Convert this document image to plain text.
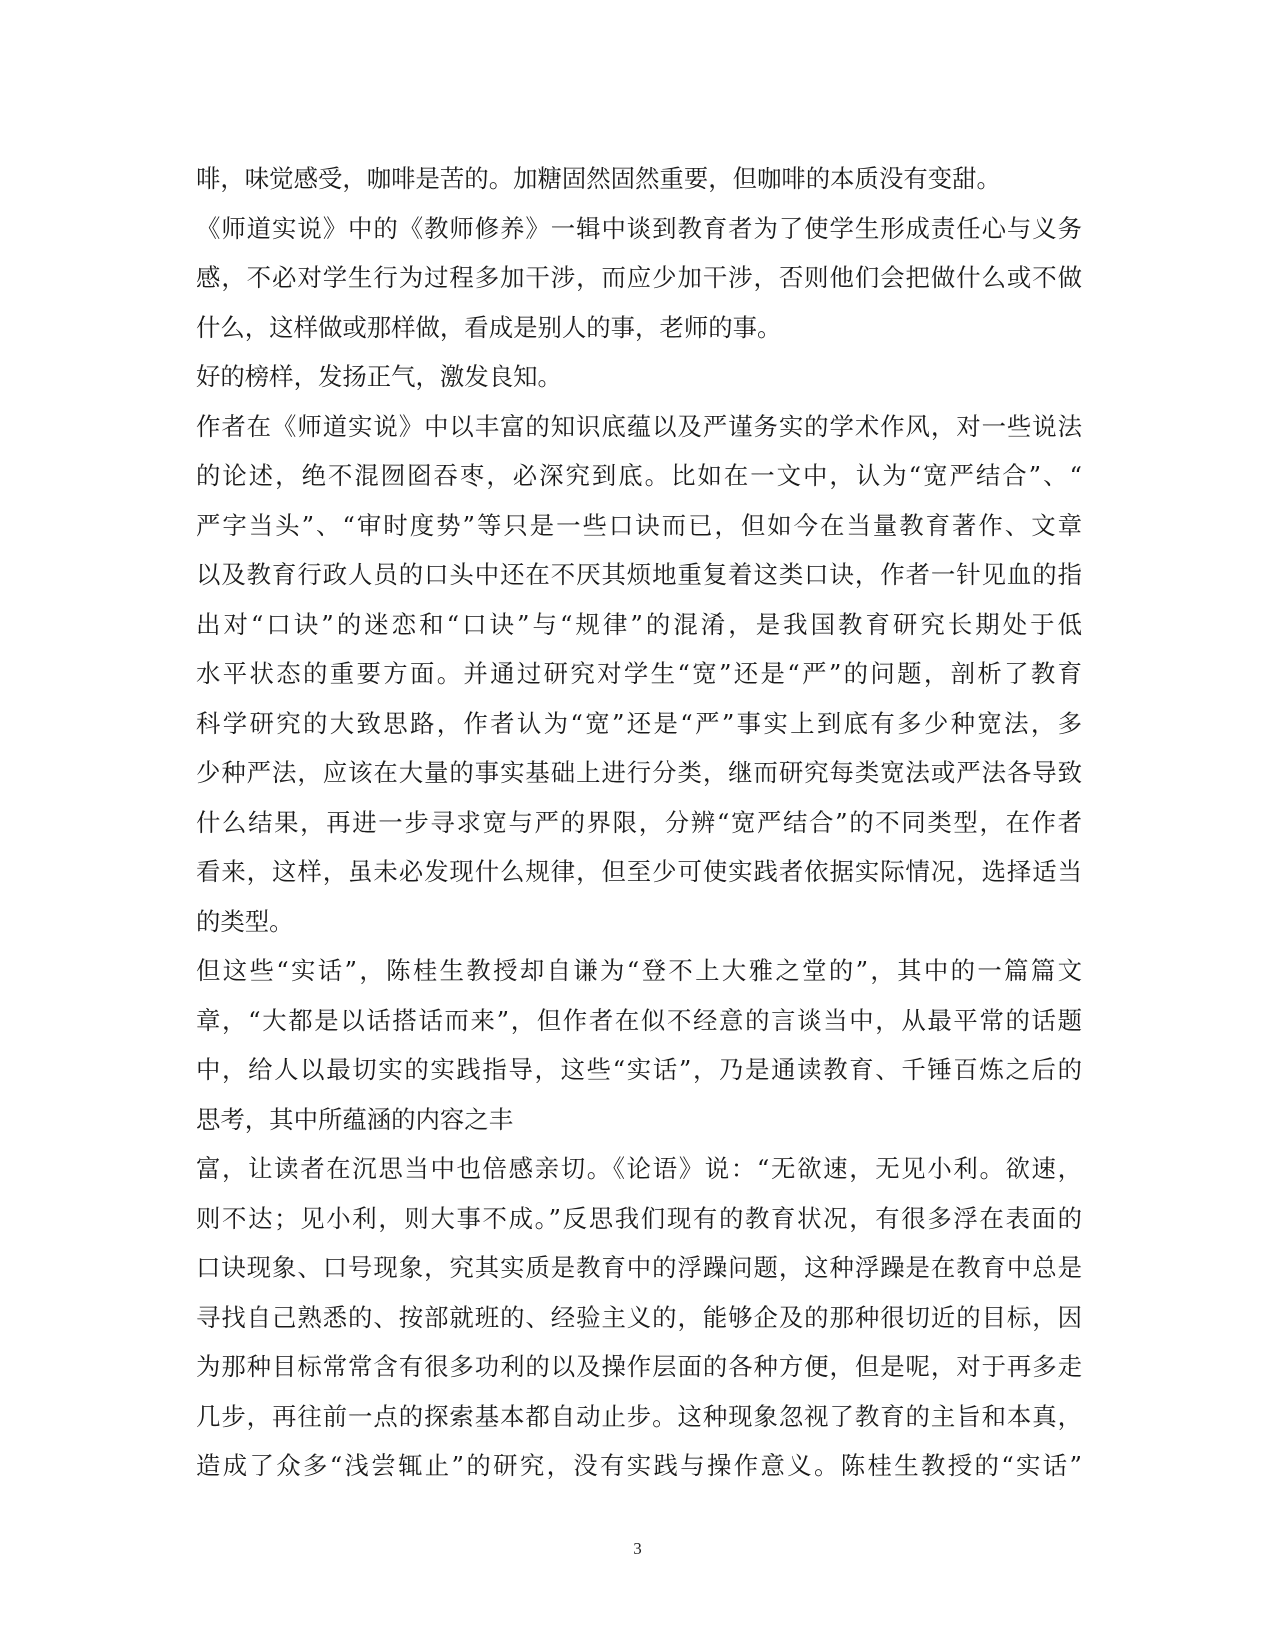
啡，味觉感受，咖啡是苦的。加糖固然固然重要，但咖啡的本质没有变甜。
《师道实说》中的《教师修养》一辑中谈到教育者为了使学生形成责任心与义务
感，不必对学生行为过程多加干涉，而应少加干涉，否则他们会把做什么或不做
什么，这样做或那样做，看成是别人的事，老师的事。
好的榜样，发扬正气，激发良知。
作者在《师道实说》中以丰富的知识底蕴以及严谨务实的学术作风，对一些说法
的论述，绝不混囫囵吞枣，必深究到底。比如在一文中，认为“宽严结合”、“
严字当头”、“审时度势”等只是一些口诀而已，但如今在当量教育著作、文章
以及教育行政人员的口头中还在不厌其烦地重复着这类口诀，作者一针见血的指
出对“口诀”的迷恋和“口诀”与“规律”的混淆，是我国教育研究长期处于低
水平状态的重要方面。并通过研究对学生“宽”还是“严”的问题，剖析了教育
科学研究的大致思路，作者认为“宽”还是“严”事实上到底有多少种宽法，多
少种严法，应该在大量的事实基础上进行分类，继而研究每类宽法或严法各导致
什么结果，再进一步寻求宽与严的界限，分辨“宽严结合”的不同类型，在作者
看来，这样，虽未必发现什么规律，但至少可使实践者依据实际情况，选择适当
的类型。
但这些“实话”，陈桂生教授却自谦为“登不上大雅之堂的”，其中的一篇篇文
章，“大都是以话搭话而来”，但作者在似不经意的言谈当中，从最平常的话题
中，给人以最切实的实践指导，这些“实话”，乃是通读教育、千锤百炼之后的
思考，其中所蕴涵的内容之丰
富，让读者在沉思当中也倍感亲切。《论语》说：“无欲速，无见小利。欲速，
则不达；见小利，则大事不成。”反思我们现有的教育状况，有很多浮在表面的
口诀现象、口号现象，究其实质是教育中的浮躁问题，这种浮躁是在教育中总是
寻找自己熟悉的、按部就班的、经验主义的，能够企及的那种很切近的目标，因
为那种目标常常含有很多功利的以及操作层面的各种方便，但是呢，对于再多走
几步，再往前一点的探索基本都自动止步。这种现象忽视了教育的主旨和本真，
造成了众多“浅尝辄止”的研究，没有实践与操作意义。陈桂生教授的“实话”
3
